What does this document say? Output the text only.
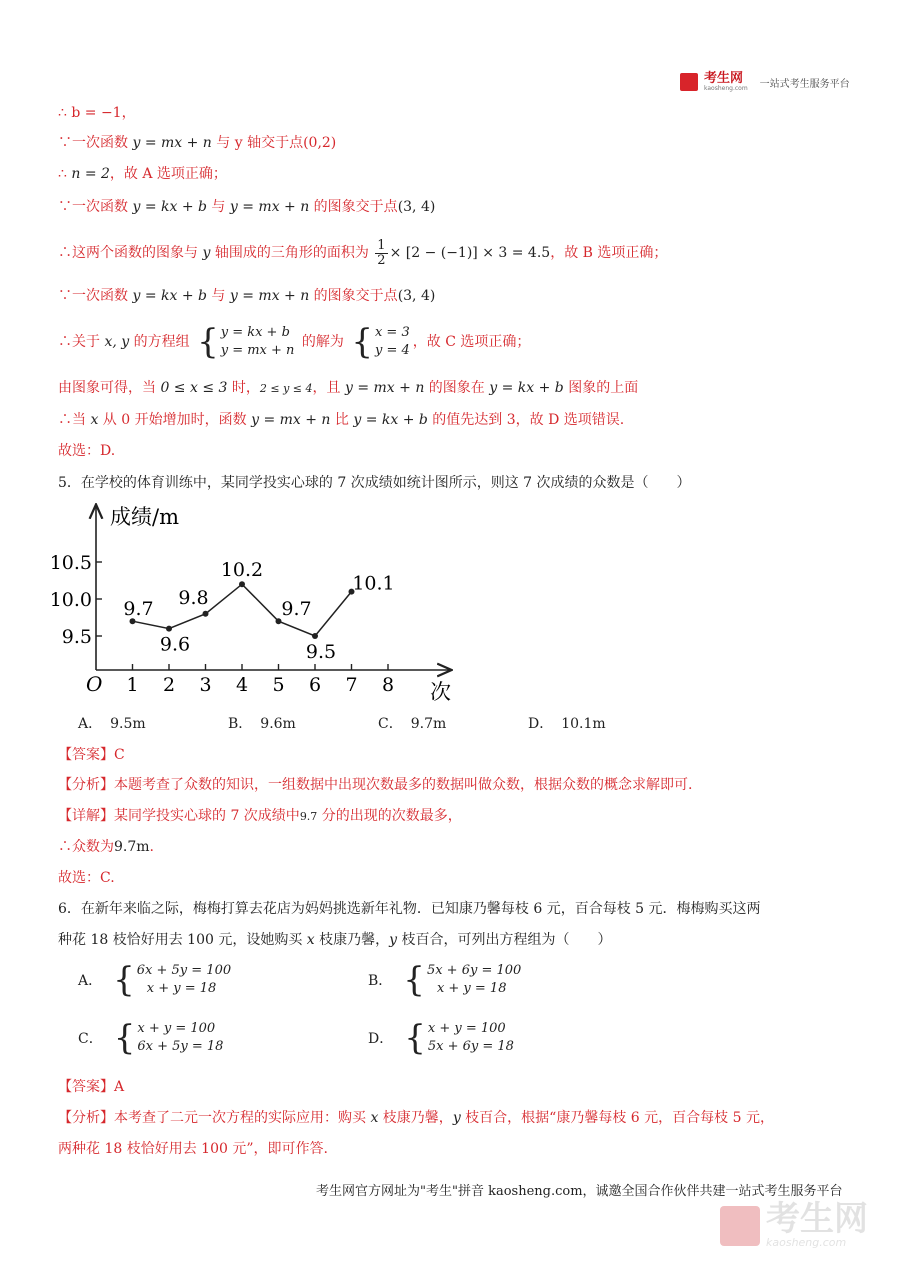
考生网
kaosheng.com 一站式考生服务平台
∴ b = −1，
∵一次函数 y = mx + n 与 y 轴交于点(0,2)
∴ n = 2，故 A 选项正确；
∵一次函数 y = kx + b 与 y = mx + n 的图象交于点(3, 4)
∴这两个函数的图象与 y 轴围成的三角形的面积为 $\frac{1}{2} \times [2 - (-1)] \times 3 = 4.5$，故 B 选项正确；
∵一次函数 y = kx + b 与 y = mx + n 的图象交于点(3, 4)
∴关于 x, y 的方程组 { y = kx + b
y = mx + n
的解为 { x = 3
y = 4
，故 C 选项正确；
由图象可得，当 0 ≤ x ≤ 3 时，2 ≤ y ≤ 4，且 y = mx + n 的图象在 y = kx + b 图象的上面
∴当 x 从 0 开始增加时，函数 y = mx + n 比 y = kx + b 的值先达到 3，故 D 选项错误.
故选：D.
5．在学校的体育训练中，某同学投实心球的 7 次成绩如统计图所示，则这 7 次成绩的众数是（　　）
成绩/m
次
O 1 2 3 4 5 6 7 8
9.5
10.0
10.5
9.7
9.6
9.8
10.2
9.7
9.5
10.1
A． 9.5m	B． 9.6m	C． 9.7m	D． 10.1m
【答案】C
【分析】本题考查了众数的知识，一组数据中出现次数最多的数据叫做众数，根据众数的概念求解即可.
【详解】某同学投实心球的 7 次成绩中9.7 分的出现的次数最多，
∴众数为9.7m.
故选：C.
6．在新年来临之际，梅梅打算去花店为妈妈挑选新年礼物．已知康乃馨每枝 6 元，百合每枝 5 元．梅梅购买这两
种花 18 枝恰好用去 100 元，设她购买 x 枝康乃馨，y 枝百合，可列出方程组为（　　）
A． { 6x + 5y = 100
x + y = 18	B． { 5x + 6y = 100
x + y = 18
C． { x + y = 100
6x + 5y = 18	D． { x + y = 100
5x + 6y = 18
【答案】A
【分析】本考查了二元一次方程的实际应用：购买 x 枝康乃馨，y 枝百合，根据“康乃馨每枝 6 元，百合每枝 5 元，
两种花 18 枝恰好用去 100 元”，即可作答.
考生网官方网址为"考生"拼音 kaosheng.com，诚邀全国合作伙伴共建一站式考生服务平台
考生网
kaosheng.com
